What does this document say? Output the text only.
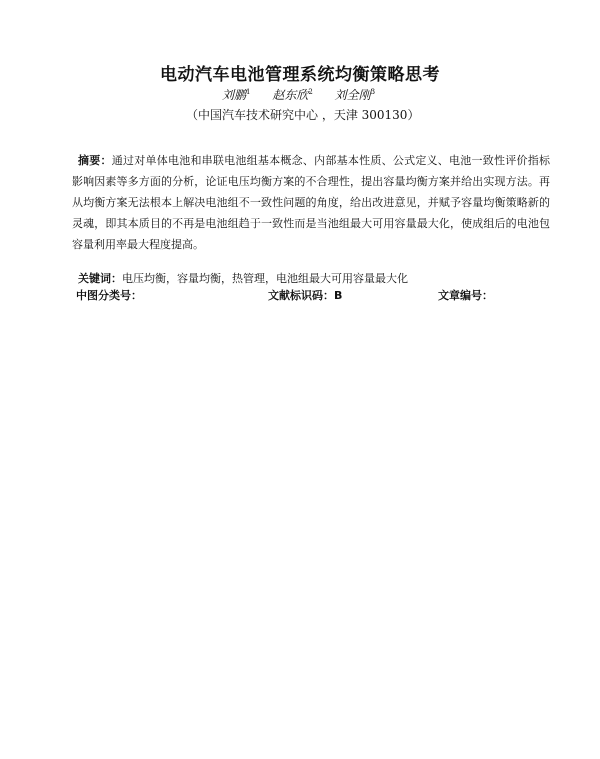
电动汽车电池管理系统均衡策略思考
刘鹏$^1$ 赵东欣$^2$ 刘全刚$^3$
（中国汽车技术研究中心 ，天津 300130）
摘要：通过对单体电池和串联电池组基本概念、内部基本性质、公式定义、电池一致性评价指标影响因素等多方面的分析，论证电压均衡方案的不合理性，提出容量均衡方案并给出实现方法。再从均衡方案无法根本上解决电池组不一致性问题的角度，给出改进意见，并赋予容量均衡策略新的灵魂，即其本质目的不再是电池组趋于一致性而是当池组最大可用容量最大化，使成组后的电池包容量利用率最大程度提高。
关键词：电压均衡，容量均衡，热管理，电池组最大可用容量最大化
中图分类号：	文献标识码：B	文章编号：
